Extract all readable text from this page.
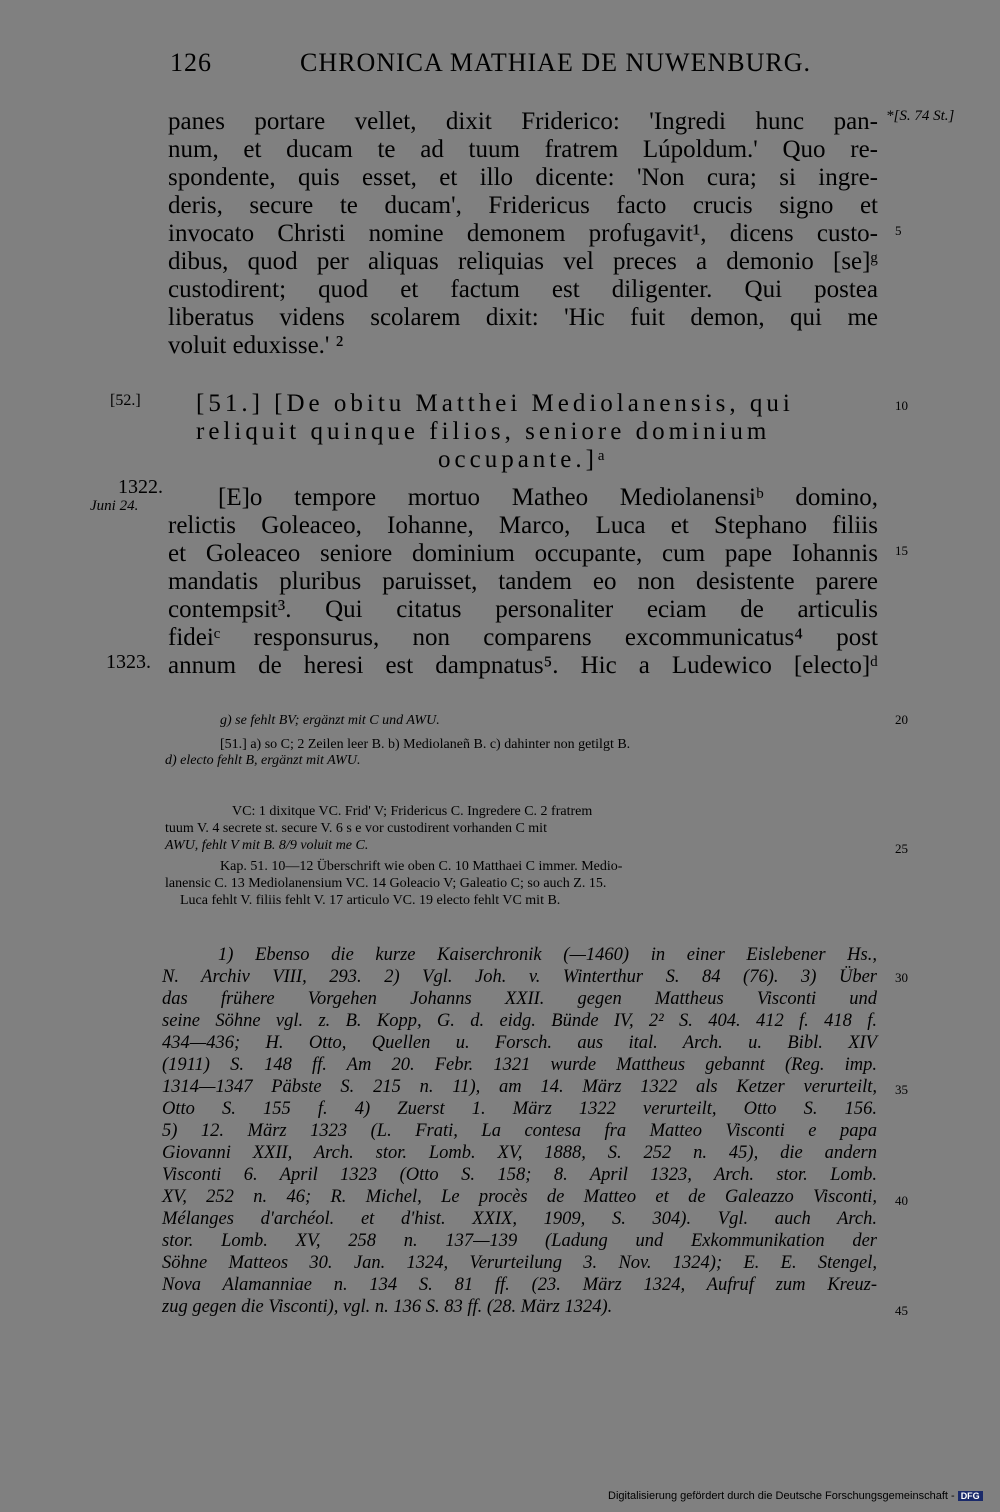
126	CHRONICA MATHIAE DE NUWENBURG.
*[S. 74 St.]
[52.]
1322.
Juni 24.
1323.
5
10
15
20
25
30
35
40
45
panes portare vellet, dixit Friderico: 'Ingredi hunc pan-
num, et ducam te ad tuum fratrem Lúpoldum.' Quo re-
spondente, quis esset, et illo dicente: 'Non cura; si ingre-
deris, secure te ducam', Fridericus facto crucis signo et
invocato Christi nomine demonem profugavit¹, dicens custo-
dibus, quod per aliquas reliquias vel preces a demonio [se]ᵍ
custodirent; quod et factum est diligenter. Qui postea
liberatus videns scolarem dixit: 'Hic fuit demon, qui me
voluit eduxisse.' ²
[51.] [De obitu Matthei Mediolanensis, qui
reliquit quinque filios, seniore dominium
occupante.]ᵃ
[E]o tempore mortuo Matheo Mediolanensiᵇ domino,
relictis Goleaceo, Iohanne, Marco, Luca et Stephano filiis
et Goleaceo seniore dominium occupante, cum pape Iohannis
mandatis pluribus paruisset, tandem eo non desistente parere
contempsit³. Qui citatus personaliter eciam de articulis
fideiᶜ responsurus, non comparens excommunicatus⁴ post
annum de heresi est dampnatus⁵. Hic a Ludewico [electo]ᵈ
g) se fehlt BV; ergänzt mit C und AWU.
[51.] a) so C; 2 Zeilen leer B. b) Mediolaneñ B. c) dahinter non getilgt B.
d) electo fehlt B, ergänzt mit AWU.
VC: 1 dixitque VC. Frid' V; Fridericus C. Ingredere C. 2 fratrem
tuum V. 4 secrete st. secure V. 6 s e vor custodirent vorhanden C mit
AWU, fehlt V mit B. 8/9 voluit me C.
Kap. 51. 10—12 Überschrift wie oben C. 10 Matthaei C immer. Medio-
lanensic C. 13 Mediolanensium VC. 14 Goleacio V; Galeatio C; so auch Z. 15.
Luca fehlt V. filiis fehlt V. 17 articulo VC. 19 electo fehlt VC mit B.
1) Ebenso die kurze Kaiserchronik (—1460) in einer Eislebener Hs.,
N. Archiv VIII, 293. 2) Vgl. Joh. v. Winterthur S. 84 (76). 3) Über
das frühere Vorgehen Johanns XXII. gegen Mattheus Visconti und
seine Söhne vgl. z. B. Kopp, G. d. eidg. Bünde IV, 2² S. 404. 412 f. 418 f.
434—436; H. Otto, Quellen u. Forsch. aus ital. Arch. u. Bibl. XIV
(1911) S. 148 ff. Am 20. Febr. 1321 wurde Mattheus gebannt (Reg. imp.
1314—1347 Päbste S. 215 n. 11), am 14. März 1322 als Ketzer verurteilt,
Otto S. 155 f. 4) Zuerst 1. März 1322 verurteilt, Otto S. 156.
5) 12. März 1323 (L. Frati, La contesa fra Matteo Visconti e papa
Giovanni XXII, Arch. stor. Lomb. XV, 1888, S. 252 n. 45), die andern
Visconti 6. April 1323 (Otto S. 158; 8. April 1323, Arch. stor. Lomb.
XV, 252 n. 46; R. Michel, Le procès de Matteo et de Galeazzo Visconti,
Mélanges d'archéol. et d'hist. XXIX, 1909, S. 304). Vgl. auch Arch.
stor. Lomb. XV, 258 n. 137—139 (Ladung und Exkommunikation der
Söhne Matteos 30. Jan. 1324, Verurteilung 3. Nov. 1324); E. E. Stengel,
Nova Alamanniae n. 134 S. 81 ff. (23. März 1324, Aufruf zum Kreuz-
zug gegen die Visconti), vgl. n. 136 S. 83 ff. (28. März 1324).
Digitalisierung gefördert durch die Deutsche Forschungsgemeinschaft - DFG
